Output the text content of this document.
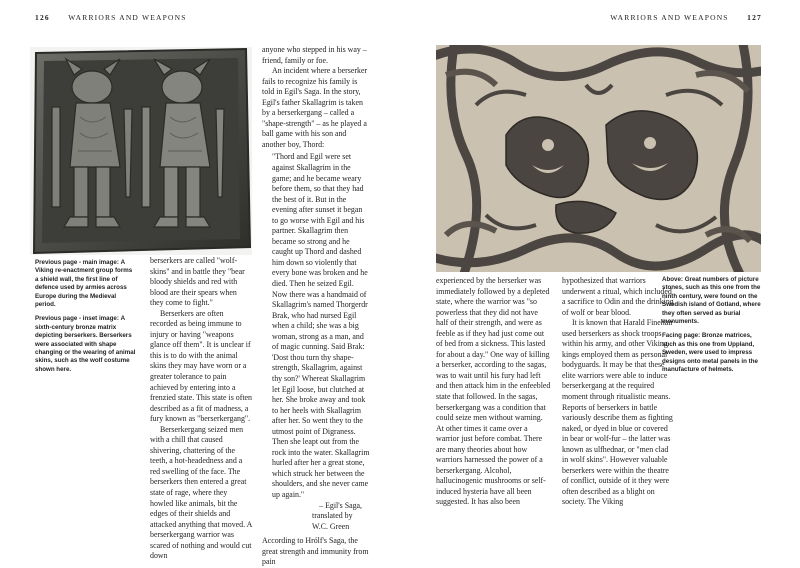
126 WARRIORS AND WEAPONS

Previous page - main image: A Viking re-enactment group forms a shield wall, the first line of defence used by armies across Europe during the Medieval period.

Previous page - inset image: A sixth-century bronze matrix depicting berserkers. Berserkers were associated with shape changing or the wearing of animal skins, such as the wolf costume shown here.

berserkers are called "wolf-skins" and in battle they "bear bloody shields and red with blood are their spears when they come to fight."

Berserkers are often recorded as being immune to injury or having "weapons glance off them". It is unclear if this is to do with the animal skins they may have worn or a greater tolerance to pain achieved by entering into a frenzied state. This state is often described as a fit of madness, a fury known as "berserkergang".

Berserkergang seized men with a chill that caused shivering, chattering of the teeth, a hot-headedness and a red swelling of the face. The berserkers then entered a great state of rage, where they howled like animals, bit the edges of their shields and attacked anything that moved. A berserkergang warrior was scared of nothing and would cut down

anyone who stepped in his way – friend, family or foe.

An incident where a berserker fails to recognize his family is told in Egil's Saga. In the story, Egil's father Skallagrim is taken by a berserkergang – called a "shape-strength" – as he played a ball game with his son and another boy, Thord:

"Thord and Egil were set against Skallagrim in the game; and he became weary before them, so that they had the best of it. But in the evening after sunset it began to go worse with Egil and his partner. Skallagrim then became so strong and he caught up Thord and dashed him down so violently that every bone was broken and he died. Then he seized Egil. Now there was a handmaid of Skallagrim's named Thorgerdr Brak, who had nursed Egil when a child; she was a big woman, strong as a man, and of magic cunning. Said Brak: 'Dost thou turn thy shape-strength, Skallagrim, against thy son?' Whereat Skallagrim let Egil loose, but clutched at her. She broke away and took to her heels with Skallagrim after her. So went they to the utmost point of Digraness. Then she leapt out from the rock into the water. Skallagrim hurled after her a great stone, which struck her between the shoulders, and she never came up again."

– Egil's Saga,

translated by W.C. Green

According to Hrólf's Saga, the great strength and immunity from pain

WARRIORS AND WEAPONS 127

experienced by the berserker was immediately followed by a depleted state, where the warrior was "so powerless that they did not have half of their strength, and were as feeble as if they had just come out of bed from a sickness. This lasted for about a day." One way of killing a berserker, according to the sagas, was to wait until his fury had left and then attack him in the enfeebled state that followed. In the sagas, berserkergang was a condition that could seize men without warning. At other times it came over a warrior just before combat. There are many theories about how warriors harnessed the power of a berserkergang. Alcohol, hallucinogenic mushrooms or self-induced hysteria have all been suggested. It has also been

hypothesized that warriors underwent a ritual, which included a sacrifice to Odin and the drinking of wolf or bear blood.

It is known that Harald Finehair used berserkers as shock troops within his army, and other Viking kings employed them as personal bodyguards. It may be that these elite warriors were able to induce berserkergang at the required moment through ritualistic means. Reports of berserkers in battle variously describe them as fighting naked, or dyed in blue or covered in bear or wolf-fur – the latter was known as ulfhednar, or "men clad in wolf skins". However valuable berserkers were within the theatre of conflict, outside of it they were often described as a blight on society. The Viking

Above: Great numbers of picture stones, such as this one from the ninth century, were found on the Swedish island of Gotland, where they often served as burial monuments.

Facing page: Bronze matrices, such as this one from Uppland, Sweden, were used to impress designs onto metal panels in the manufacture of helmets.
